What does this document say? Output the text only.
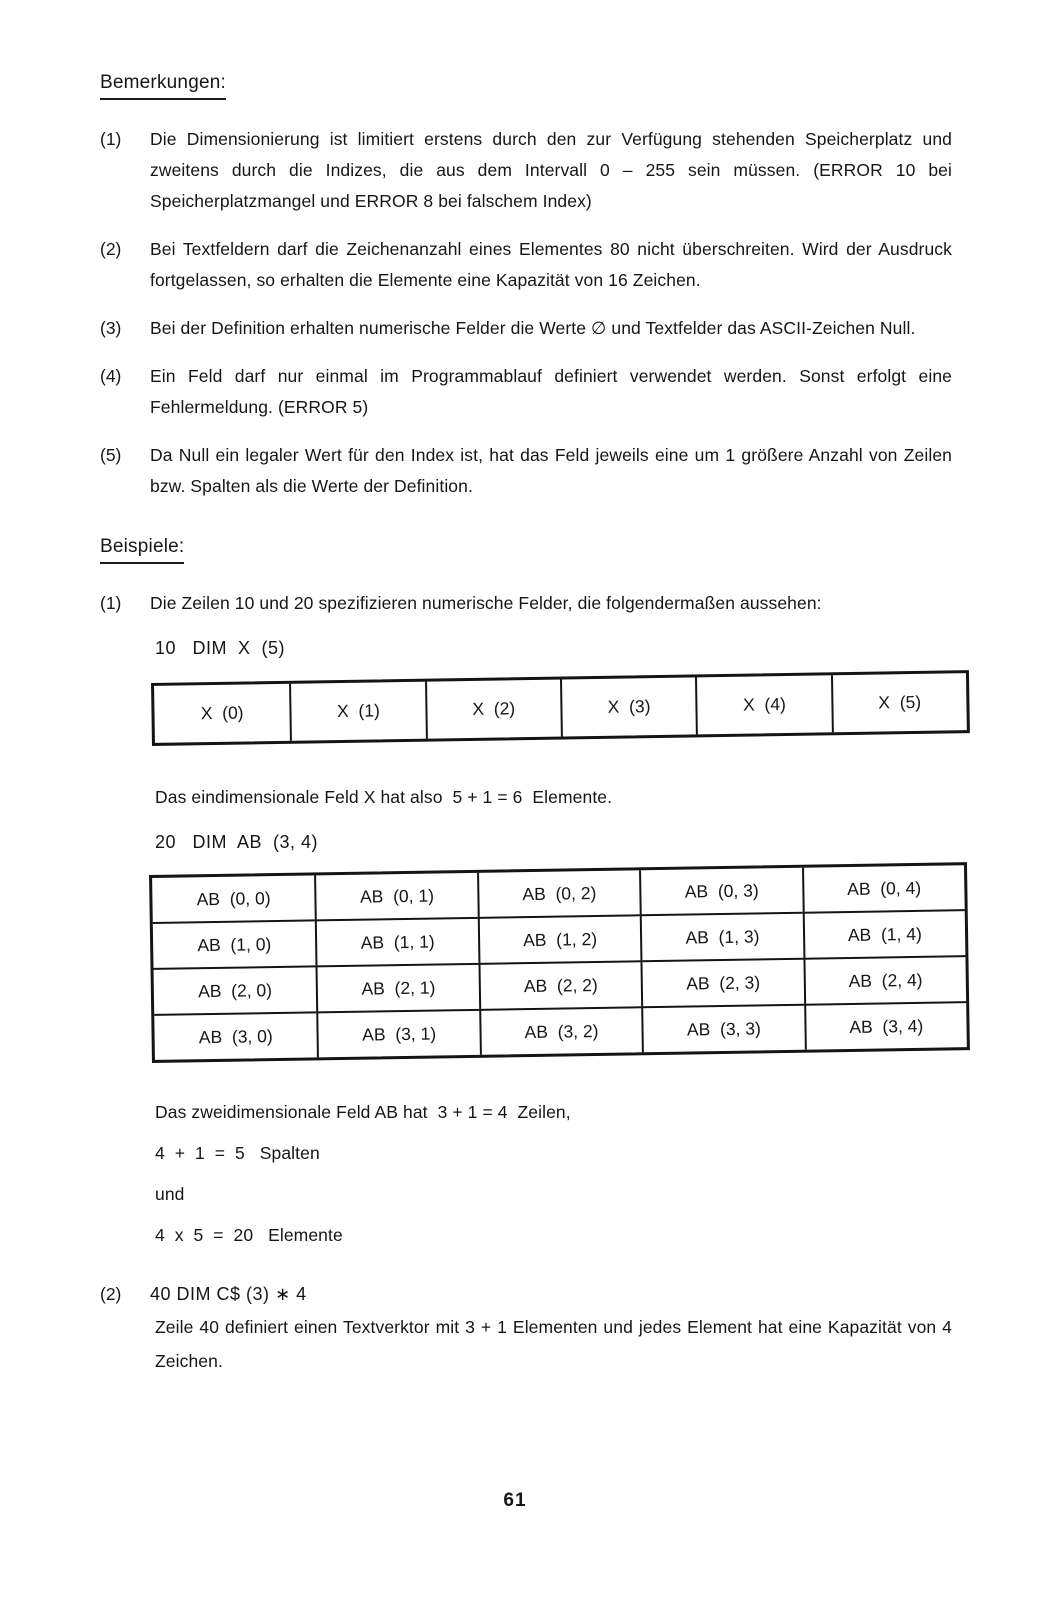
Bemerkungen:
(1)	Die Dimensionierung ist limitiert erstens durch den zur Verfügung stehenden Speicherplatz und zweitens durch die Indizes, die aus dem Intervall 0 – 255 sein müssen. (ERROR 10 bei Speicherplatzmangel und ERROR 8 bei falschem Index)
(2)	Bei Textfeldern darf die Zeichenanzahl eines Elementes 80 nicht überschreiten. Wird der Ausdruck fortgelassen, so erhalten die Elemente eine Kapazität von 16 Zeichen.
(3)	Bei der Definition erhalten numerische Felder die Werte ∅ und Textfelder das ASCII-Zeichen Null.
(4)	Ein Feld darf nur einmal im Programmablauf definiert verwendet werden. Sonst erfolgt eine Fehlermeldung. (ERROR 5)
(5)	Da Null ein legaler Wert für den Index ist, hat das Feld jeweils eine um 1 größere Anzahl von Zeilen bzw. Spalten als die Werte der Definition.
Beispiele:
(1)	Die Zeilen 10 und 20 spezifizieren numerische Felder, die folgendermaßen aussehen:
10   DIM  X  (5)
X  (0)	X  (1)	X  (2)	X  (3)	X  (4)	X  (5)
Das eindimensionale Feld X hat also  5 + 1 = 6  Elemente.
20   DIM  AB  (3, 4)
AB  (0, 0)	AB  (0, 1)	AB  (0, 2)	AB  (0, 3)	AB  (0, 4)
AB  (1, 0)	AB  (1, 1)	AB  (1, 2)	AB  (1, 3)	AB  (1, 4)
AB  (2, 0)	AB  (2, 1)	AB  (2, 2)	AB  (2, 3)	AB  (2, 4)
AB  (3, 0)	AB  (3, 1)	AB  (3, 2)	AB  (3, 3)	AB  (3, 4)
Das zweidimensionale Feld AB hat  3 + 1 = 4  Zeilen,
4  +  1  =  5   Spalten
und
4  x  5  =  20   Elemente
(2)	40 DIM C$ (3) ∗ 4
Zeile 40 definiert einen Textverktor mit 3 + 1 Elementen und jedes Element hat eine Kapazität von 4 Zeichen.
61
